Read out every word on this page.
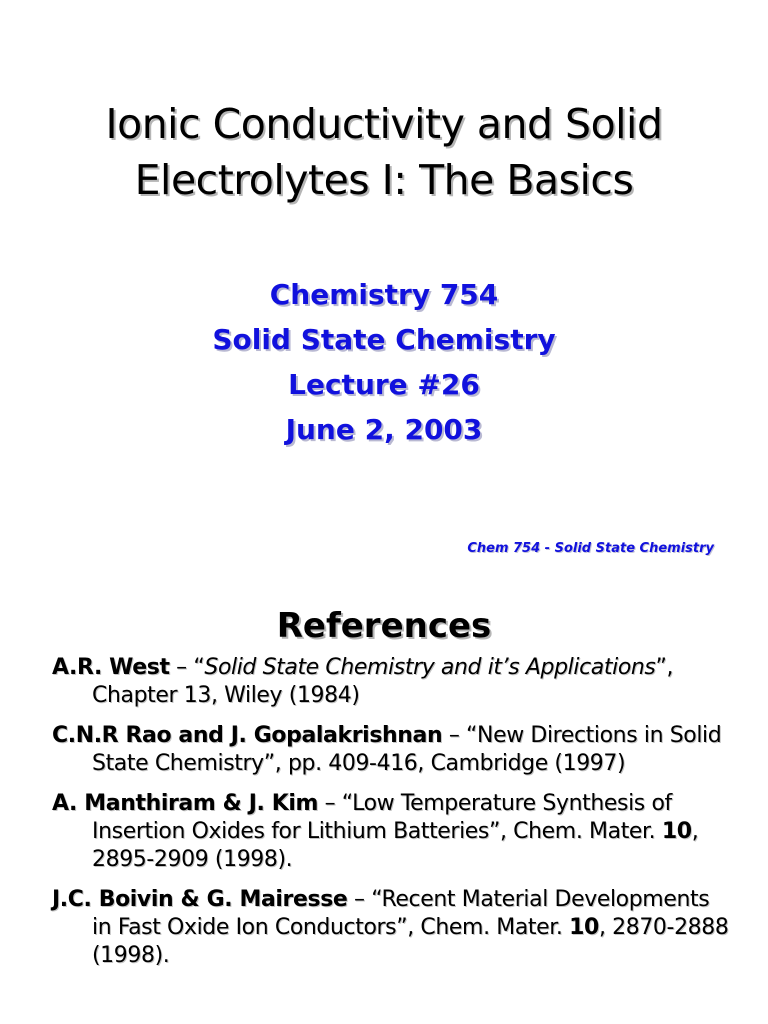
Ionic Conductivity and Solid
Electrolytes I: The Basics
Chemistry 754
Solid State Chemistry
Lecture #26
June 2, 2003
Chem 754 - Solid State Chemistry
References
A.R. West – “Solid State Chemistry and it’s Applications”, Chapter 13, Wiley (1984)
C.N.R Rao and J. Gopalakrishnan – “New Directions in Solid State Chemistry”, pp. 409-416, Cambridge (1997)
A. Manthiram & J. Kim – “Low Temperature Synthesis of Insertion Oxides for Lithium Batteries”, Chem. Mater. 10, 2895-2909 (1998).
J.C. Boivin & G. Mairesse – “Recent Material Developments in Fast Oxide Ion Conductors”, Chem. Mater. 10, 2870-2888 (1998).
